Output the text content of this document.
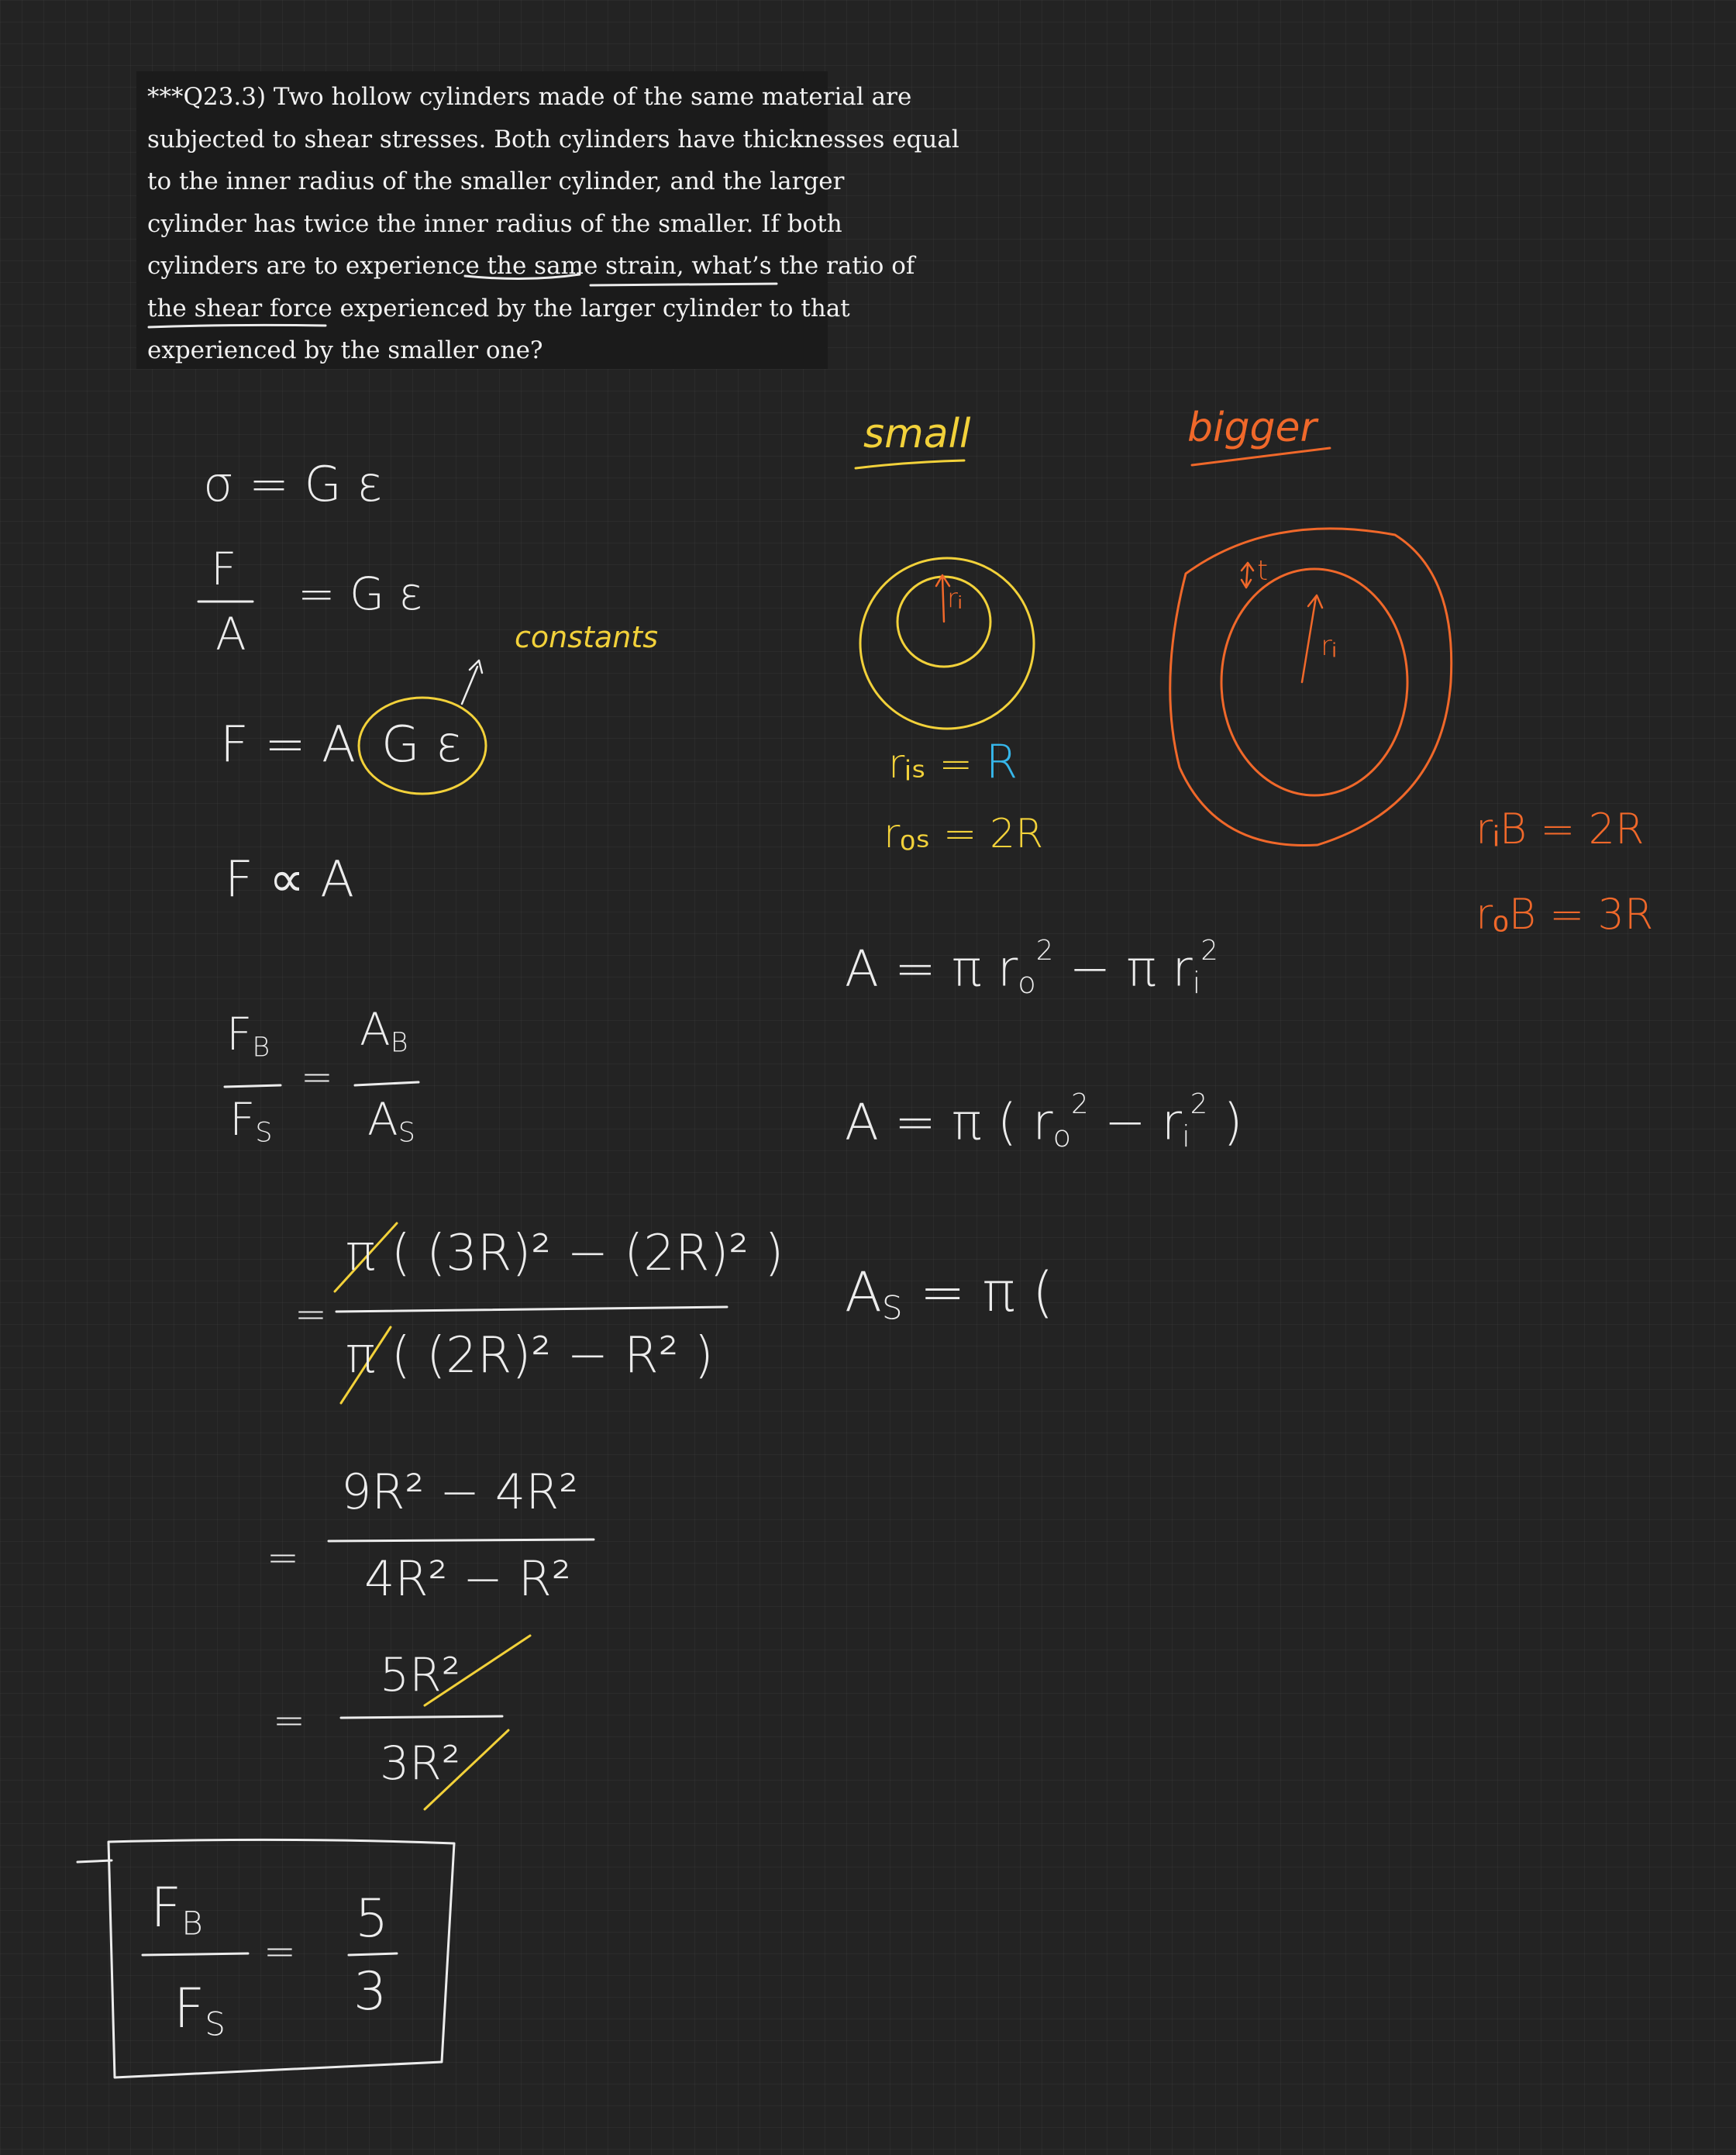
***Q23.3) Two hollow cylinders made of the same material are
subjected to shear stresses. Both cylinders have thicknesses equal
to the inner radius of the smaller cylinder, and the larger
cylinder has twice the inner radius of the smaller. If both
cylinders are to experience the same strain, what’s the ratio of
the shear force experienced by the larger cylinder to that
experienced by the smaller one?
σ = G ε
F
A
= G ε
constants
F = A G ε
F ∝ A
$F_B$
$F_S$
=
$A_B$
$A_S$
=
π ( (3R)² − (2R)² )
π ( (2R)² − R² )
=
9R² − 4R²
4R² − R²
=
5R²
3R²
$F_B$
$F_S$
=
5
3
small	bigger
rᵢ
rᵢ
t
rᵢₛ = R
rₒₛ = 2R	rᵢB = 2R
rₒB = 3R
A = π $r_o^2 - \pi$ $r_i^2$
A = π ( $r_o^2 - r_i^2$ )
$A_S = \pi$ (
